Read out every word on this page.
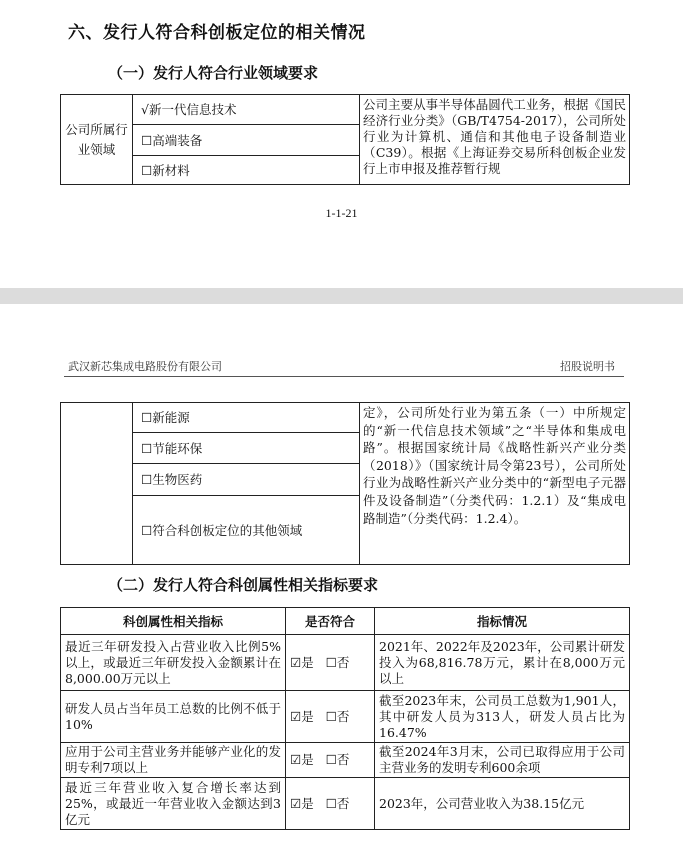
六、发行人符合科创板定位的相关情况
（一）发行人符合行业领域要求
公司所属行业领域	√新一代信息技术	公司主要从事半导体晶圆代工业务，根据《国民经济行业分类》（GB/T4754-2017），公司所处行业为计算机、通信和其他电子设备制造业（C39）。根据《上海证券交易所科创板企业发行上市申报及推荐暂行规
☐高端装备
☐新材料
1-1-21
武汉新芯集成电路股份有限公司	招股说明书
	☐新能源	定》，公司所处行业为第五条（一）中所规定的“新一代信息技术领域”之“半导体和集成电路”。根据国家统计局《战略性新兴产业分类（2018）》（国家统计局令第23号），公司所处行业为战略性新兴产业分类中的“新型电子元器件及设备制造”（分类代码：1.2.1）及“集成电路制造”（分类代码：1.2.4）。
☐节能环保
☐生物医药
☐符合科创板定位的其他领域
（二）发行人符合科创属性相关指标要求
科创属性相关指标	是否符合	指标情况
最近三年研发投入占营业收入比例5%以上，或最近三年研发投入金额累计在8,000.00万元以上	☑是 ☐否	2021年、2022年及2023年，公司累计研发投入为68,816.78万元，累计在8,000万元以上
研发人员占当年员工总数的比例不低于10%	☑是 ☐否	截至2023年末，公司员工总数为1,901人，其中研发人员为313人，研发人员占比为16.47%
应用于公司主营业务并能够产业化的发明专利7项以上	☑是 ☐否	截至2024年3月末，公司已取得应用于公司主营业务的发明专利600余项
最近三年营业收入复合增长率达到25%，或最近一年营业收入金额达到3亿元	☑是 ☐否	2023年，公司营业收入为38.15亿元
